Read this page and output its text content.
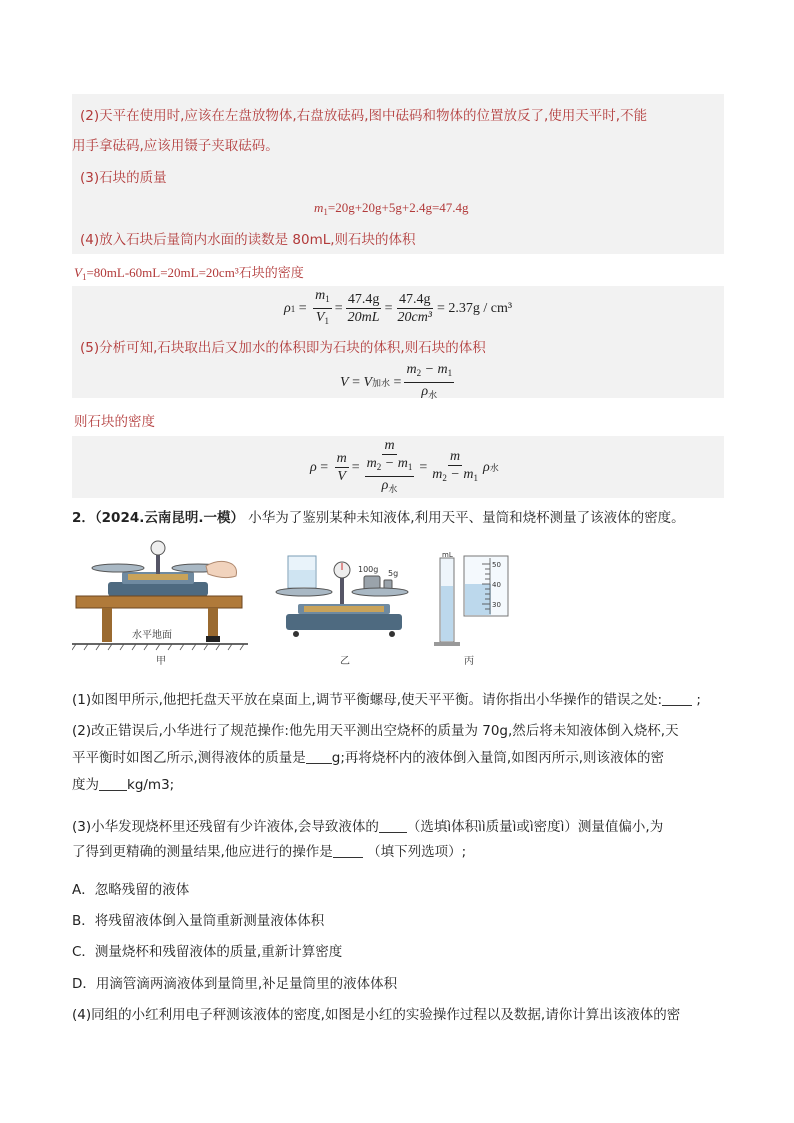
(2)天平在使用时,应该在左盘放物体,右盘放砝码,图中砝码和物体的位置放反了,使用天平时,不能
用手拿砝码,应该用镊子夹取砝码。
(3)石块的质量
$m_1=20g+20g+5g+2.4g=47.4g$
(4)放入石块后量筒内水面的读数是 80mL,则石块的体积
$V_1=80mL-60mL=20mL=20cm^3$石块的密度
ρ $1 = \frac{m_1}{V_1} = \frac{47.4g}{20mL} = \frac{47.4g}{\text{20cm³}} = 2.37g / cm^3$
(5)分析可知,石块取出后又加水的体积即为石块的体积,则石块的体积
V = V 加水 = $\frac{m_2 - m_1}{\rho_水}$
则石块的密度
$\rho = \frac{m}{V} = \frac{m}{\frac{m_2 - m_1}{\rho_水}} = \frac{m}{m_2 - m_1}$ ρ 水
2．（2024.云南昆明.一模） 小华为了鉴别某种未知液体,利用天平、量筒和烧杯测量了该液体的密度。
水平地面
甲
100g 5g
乙
mL
50
40
30
丙
(1)如图甲所示,他把托盘天平放在桌面上,调节平衡螺母,使天平平衡。请你指出小华操作的错误之处:	;
(2)改正错误后,小华进行了规范操作:他先用天平测出空烧杯的质量为 70g,然后将未知液体倒入烧杯,天
平平衡时如图乙所示,测得液体的质量是 g;再将烧杯内的液体倒入量筒,如图丙所示,则该液体的密
度为 kg/m3;
(3)小华发现烧杯里还残留有少许液体,会导致液体的 （选填ì体积ìì质量ì或ì密度ì）测量值偏小,为
了得到更精确的测量结果,他应进行的操作是	（填下列选项）;
A．忽略残留的液体
B．将残留液体倒入量筒重新测量液体体积
C．测量烧杯和残留液体的质量,重新计算密度
D．用滴管滴两滴液体到量筒里,补足量筒里的液体体积
(4)同组的小红利用电子秤测该液体的密度,如图是小红的实验操作过程以及数据,请你计算出该液体的密
